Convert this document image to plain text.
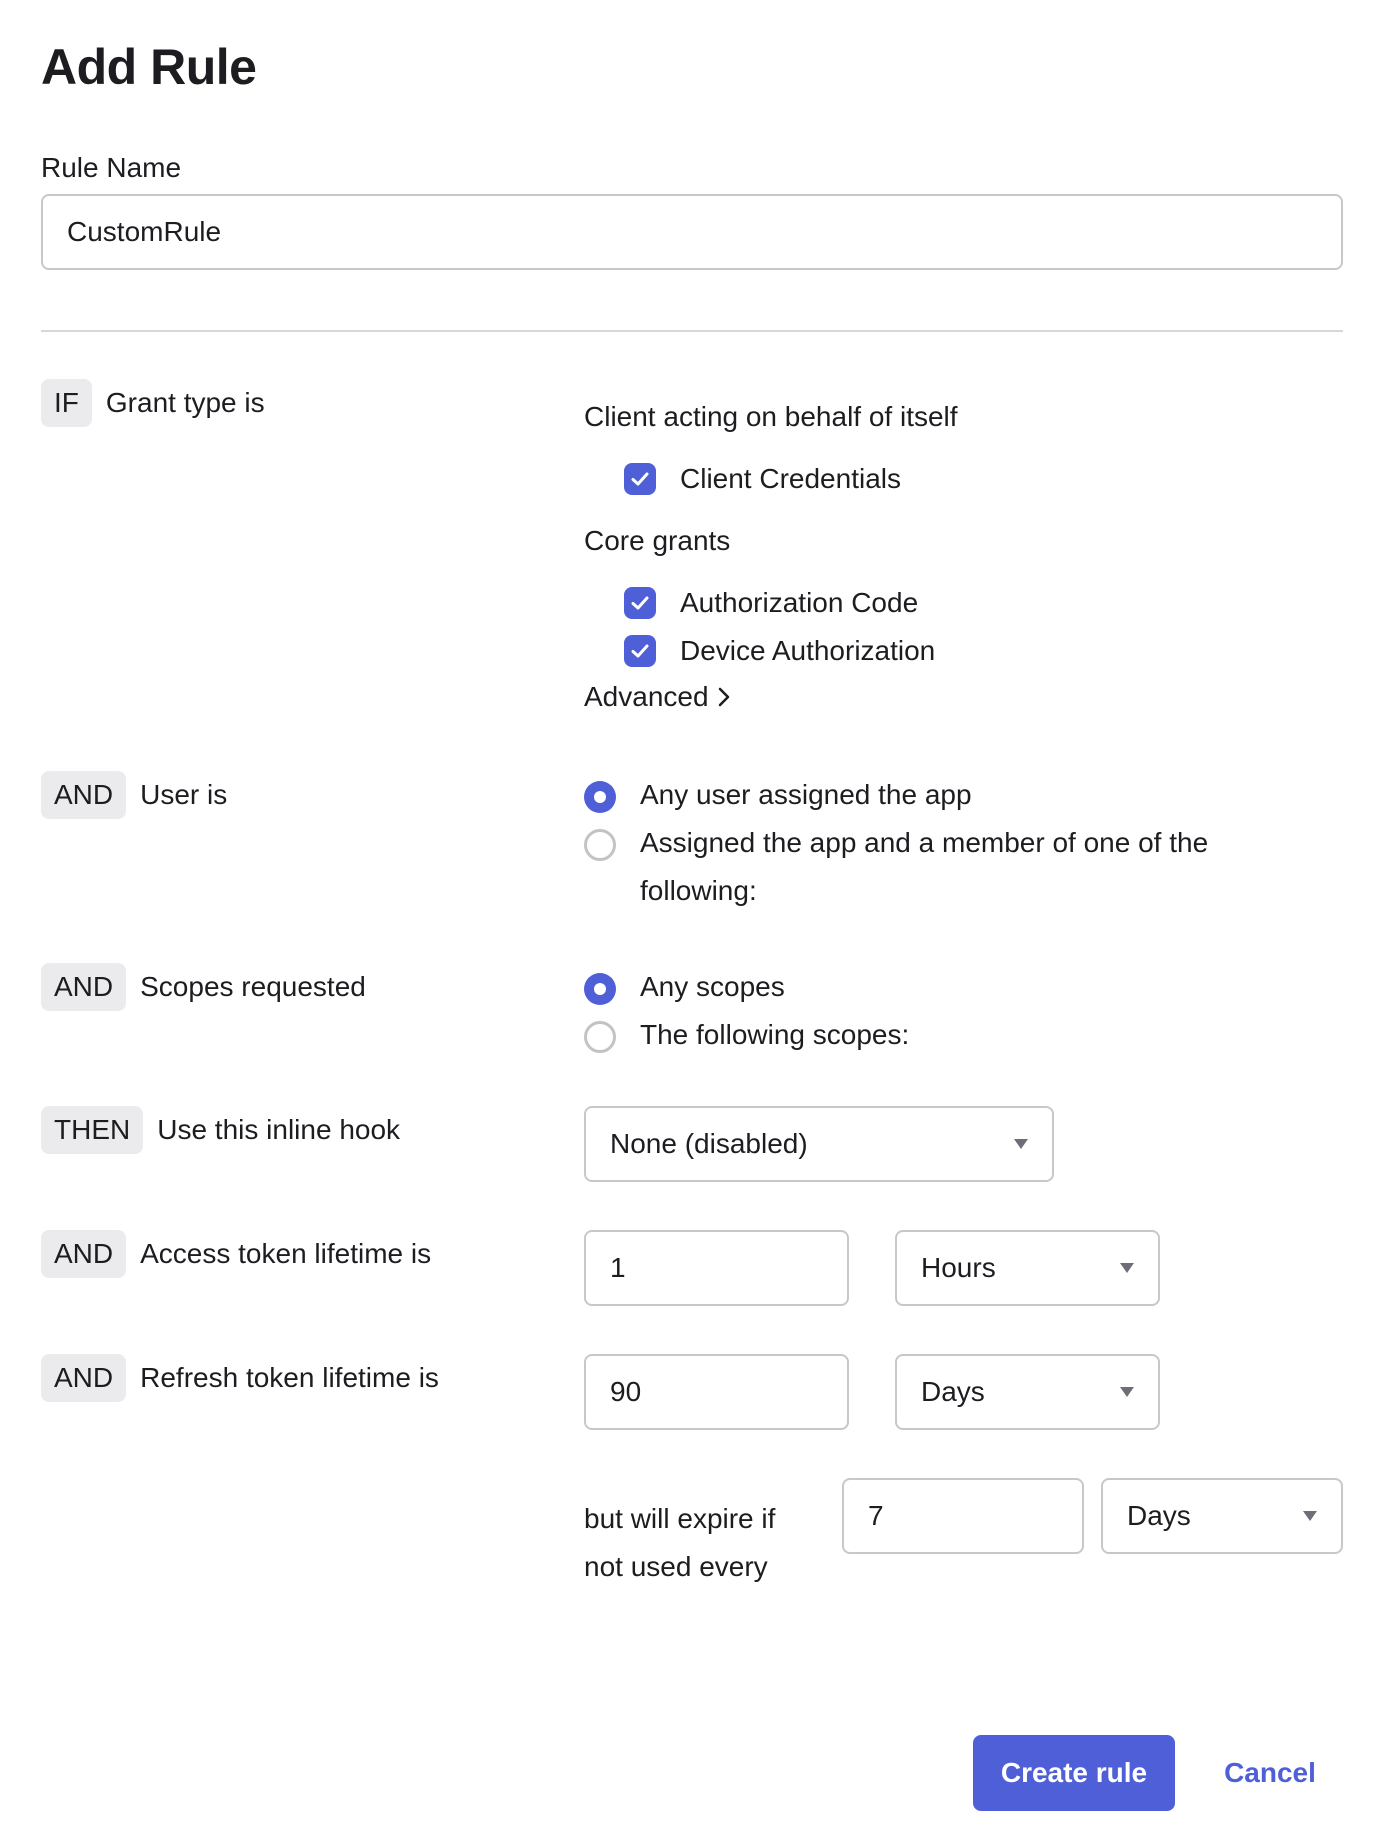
Add Rule
Rule Name
CustomRule
IF Grant type is	Client acting on behalf of itself
Client Credentials
Core grants
Authorization Code
Device Authorization
Advanced
AND User is	Any user assigned the app
Assigned the app and a member of one of the following:
AND Scopes requested	Any scopes
The following scopes:
THEN Use this inline hook	None (disabled)
AND Access token lifetime is	1	Hours
AND Refresh token lifetime is	90	Days
but will expire if not used every
7	Days
Create rule	Cancel
